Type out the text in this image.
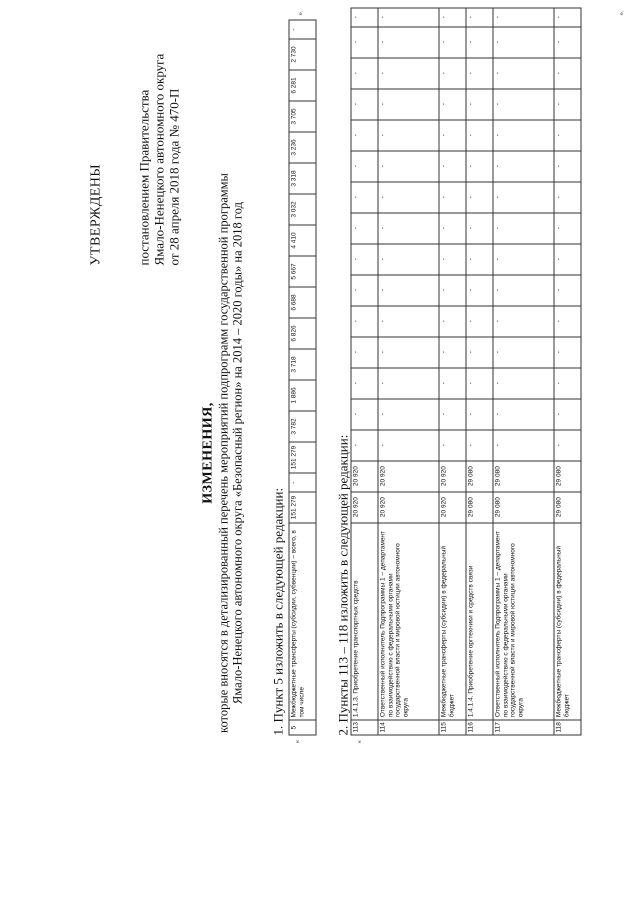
УТВЕРЖДЕНЫ	постановлением Правительства Ямало-Ненецкого автономного округа от 28 апреля 2018 года № 470-П
ИЗМЕНЕНИЯ, которые вносятся в детализированный перечень мероприятий подпрограмм государственной программы Ямало-Ненецкого автономного округа «Безопасный регион» на 2014 – 2020 годы» на 2018 год 1. Пункт 5 изложить в следующей редакции:
«
5	Межбюджетные трансферты (субсидии, субвенции) – всего, в том числе	151 279	-	151 279	3 782	1 886	3 718	6 826	6 688	5 667	4 410	3 032	3 318	3 236	3 705	6 281	2 730	-
».
2. Пункты 113 – 118 изложить в следующей редакции:
«
113	1.4.1.3. Приобретение транспортных средств	20 920	20 920	-	-	-	-	-	-	-	-	-	-	-	-	-	-	-
114	Ответственный исполнитель Подпрограммы 1 – департамент по взаимодействию с федеральными органами государственной власти и мировой юстиции автономного округа	20 920	20 920	-	-	-	-	-	-	-	-	-	-	-	-	-	-	-
115	Межбюджетные трансферты (субсидии) в федеральный бюджет	20 920	20 920	-	-	-	-	-	-	-	-	-	-	-	-	-	-	-
116	1.4.1.4. Приобретение оргтехники и средств связи	29 080	29 080	-	-	-	-	-	-	-	-	-	-	-	-	-	-	-
117	Ответственный исполнитель Подпрограммы 1 – департамент по взаимодействию с федеральными органами государственной власти и мировой юстиции автономного округа	29 080	29 080	-	-	-	-	-	-	-	-	-	-	-	-	-	-	-
118	Межбюджетные трансферты (субсидии) в федеральный бюджет	29 080	29 080	-	-	-	-	-	-	-	-	-	-	-	-	-	-	-
».
